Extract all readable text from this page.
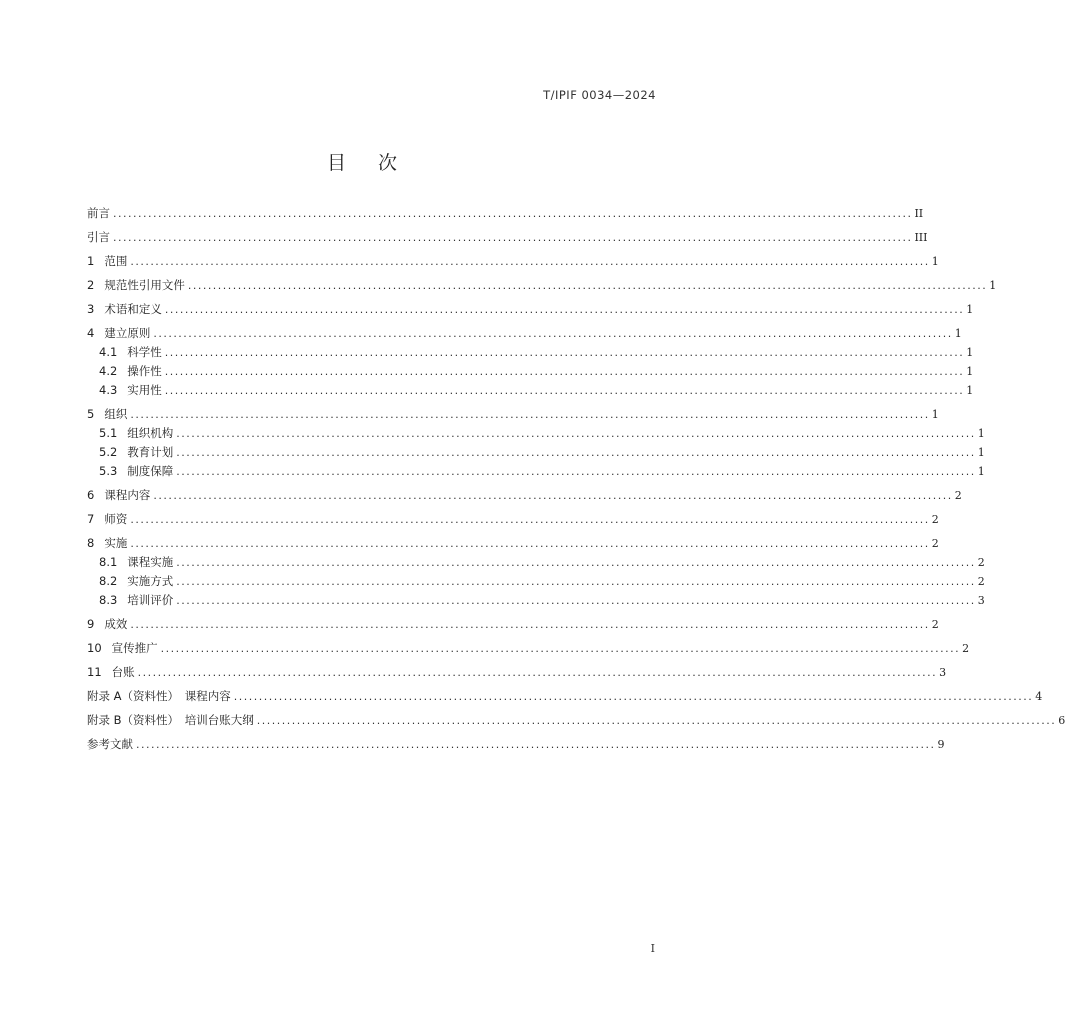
T/IPIF 0034—2024
目次
前言 ................................................................................................................................................................ II
引言 ................................................................................................................................................................ III
1 范围 ................................................................................................................................................................ 1
2 规范性引用文件 ................................................................................................................................................................ 1
3 术语和定义 ................................................................................................................................................................ 1
4 建立原则 ................................................................................................................................................................ 1
4.1 科学性 ................................................................................................................................................................ 1
4.2 操作性 ................................................................................................................................................................ 1
4.3 实用性 ................................................................................................................................................................ 1
5 组织 ................................................................................................................................................................ 1
5.1 组织机构 ................................................................................................................................................................ 1
5.2 教育计划 ................................................................................................................................................................ 1
5.3 制度保障 ................................................................................................................................................................ 1
6 课程内容 ................................................................................................................................................................ 2
7 师资 ................................................................................................................................................................ 2
8 实施 ................................................................................................................................................................ 2
8.1 课程实施 ................................................................................................................................................................ 2
8.2 实施方式 ................................................................................................................................................................ 2
8.3 培训评价 ................................................................................................................................................................ 3
9 成效 ................................................................................................................................................................ 2
10 宣传推广 ................................................................................................................................................................ 2
11 台账 ................................................................................................................................................................ 3
附录 A（资料性）　课程内容 ................................................................................................................................................................ 4
附录 B（资料性）　培训台账大纲 ................................................................................................................................................................ 6
参考文献 ................................................................................................................................................................ 9
I
